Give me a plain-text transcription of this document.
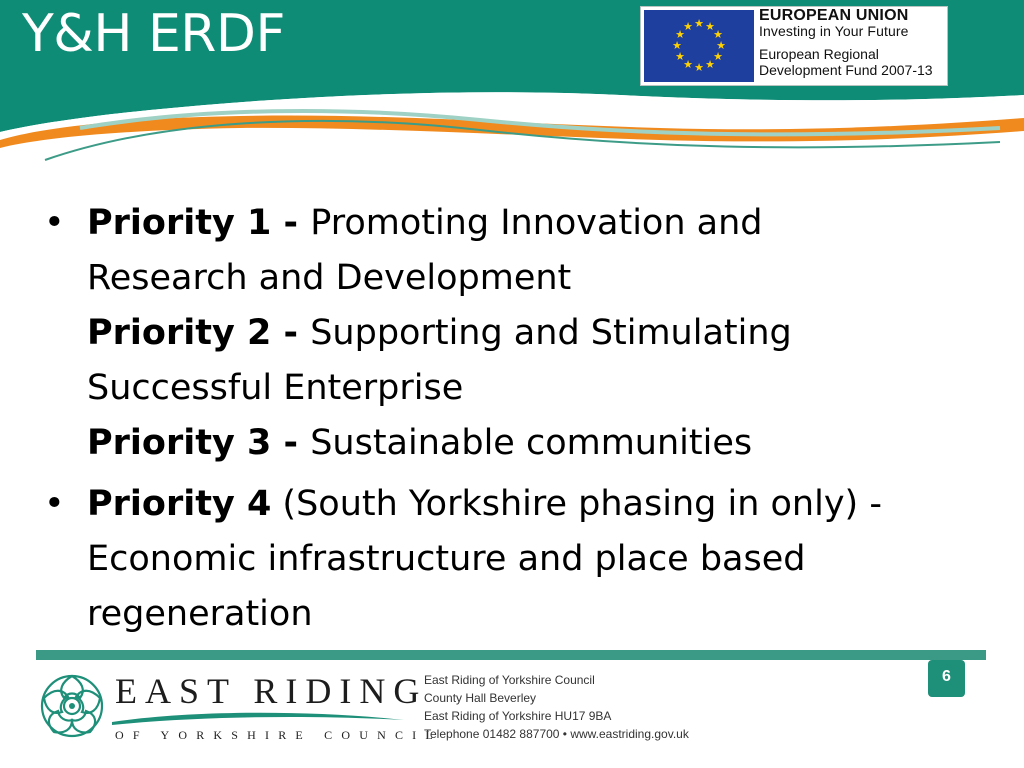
Y&H ERDF	★ ★
★
★
★
★
★
★
★
★
★
★
EUROPEAN UNION
Investing in Your Future
European Regional
Development Fund 2007-13
• Priority 1 - Promoting Innovation and
Research and Development
Priority 2 - Supporting and Stimulating
Successful Enterprise
Priority 3 - Sustainable communities
• Priority 4 (South Yorkshire phasing in only) -
Economic infrastructure and place based
regeneration
6
EAST RIDING
OF YORKSHIRE COUNCIL
East Riding of Yorkshire Council
County Hall Beverley
East Riding of Yorkshire HU17 9BA
Telephone 01482 887700 • www.eastriding.gov.uk
